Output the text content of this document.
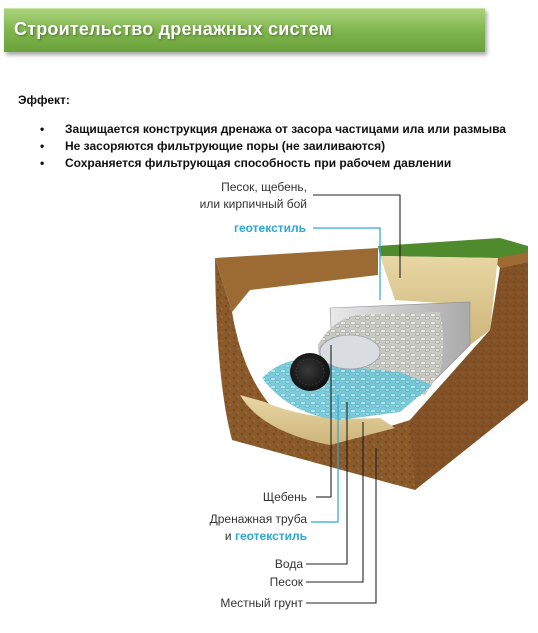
Строительство дренажных систем
Эффект:
• Защищается конструкция дренажа от засора частицами ила или размыва
• Не засоряются фильтрующие поры (не заиливаются)
• Сохраняется фильтрующая способность при рабочем давлении
Песок, щебень,
или кирпичный бой
геотекстиль
Щебень
Дренажная труба
и геотекстиль
Вода
Песок
Местный грунт
